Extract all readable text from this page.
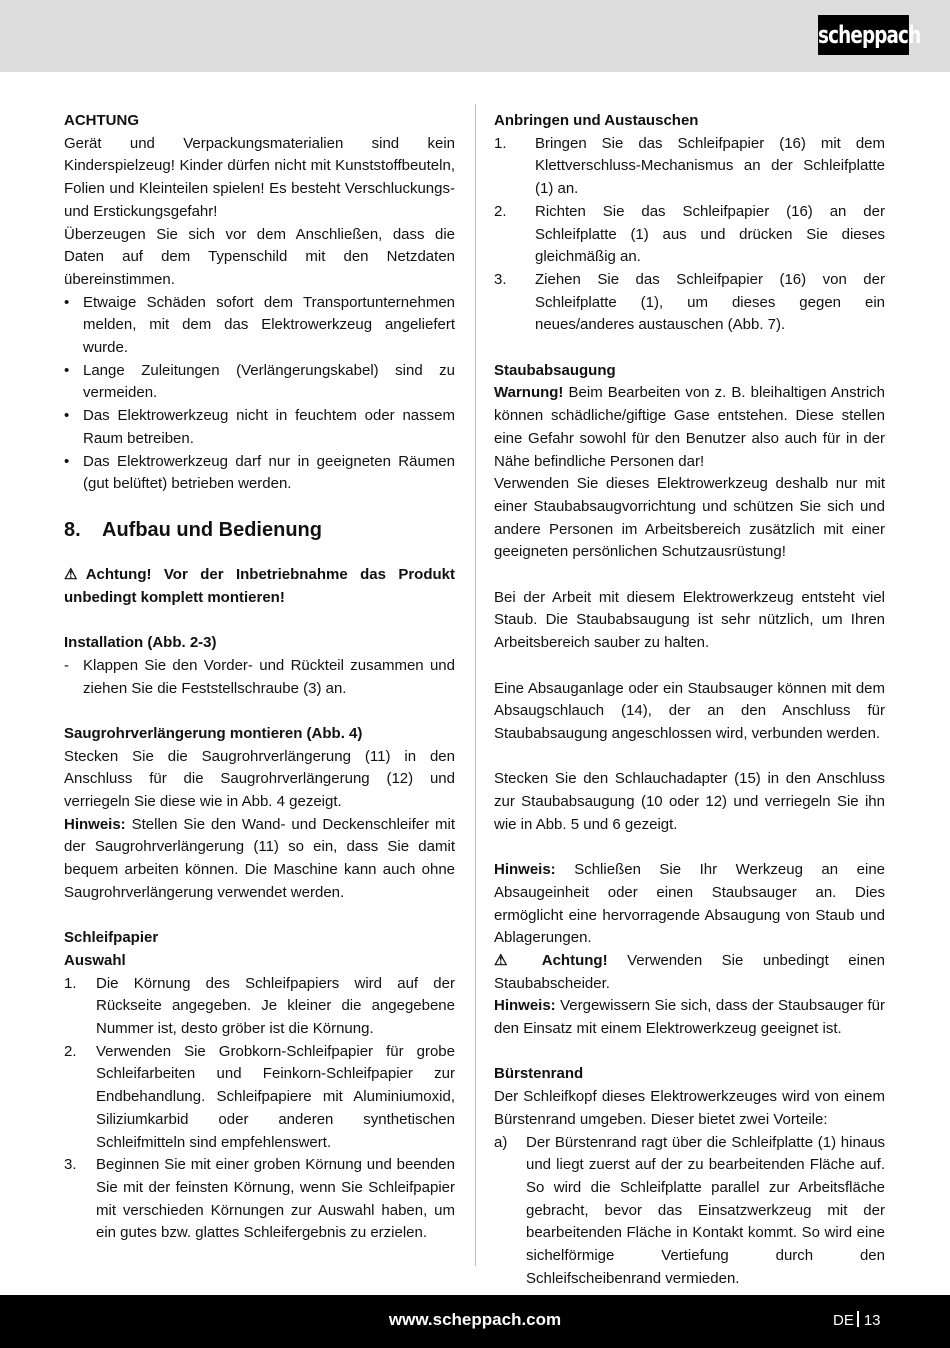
scheppach
ACHTUNG
Gerät und Verpackungsmaterialien sind kein Kinderspielzeug! Kinder dürfen nicht mit Kunststoffbeuteln, Folien und Kleinteilen spielen! Es besteht Verschluckungs- und Erstickungsgefahr!
Überzeugen Sie sich vor dem Anschließen, dass die Daten auf dem Typenschild mit den Netzdaten übereinstimmen.
• Etwaige Schäden sofort dem Transportunternehmen melden, mit dem das Elektrowerkzeug angeliefert wurde.
• Lange Zuleitungen (Verlängerungskabel) sind zu vermeiden.
• Das Elektrowerkzeug nicht in feuchtem oder nassem Raum betreiben.
• Das Elektrowerkzeug darf nur in geeigneten Räumen (gut belüftet) betrieben werden.
8. Aufbau und Bedienung
⚠Achtung! Vor der Inbetriebnahme das Produkt unbedingt komplett montieren!
Installation (Abb. 2-3)
- Klappen Sie den Vorder- und Rückteil zusammen und ziehen Sie die Feststellschraube (3) an.
Saugrohrverlängerung montieren (Abb. 4)
Stecken Sie die Saugrohrverlängerung (11) in den Anschluss für die Saugrohrverlängerung (12) und verriegeln Sie diese wie in Abb. 4 gezeigt.
Hinweis: Stellen Sie den Wand- und Deckenschleifer mit der Saugrohrverlängerung (11) so ein, dass Sie damit bequem arbeiten können. Die Maschine kann auch ohne Saugrohrverlängerung verwendet werden.
Schleifpapier
Auswahl
1. Die Körnung des Schleifpapiers wird auf der Rückseite angegeben. Je kleiner die angegebene Nummer ist, desto gröber ist die Körnung.
2. Verwenden Sie Grobkorn-Schleifpapier für grobe Schleifarbeiten und Feinkorn-Schleifpapier zur Endbehandlung. Schleifpapiere mit Aluminiumoxid, Siliziumkarbid oder anderen synthetischen Schleifmitteln sind empfehlenswert.
3. Beginnen Sie mit einer groben Körnung und beenden Sie mit der feinsten Körnung, wenn Sie Schleifpapier mit verschieden Körnungen zur Auswahl haben, um ein gutes bzw. glattes Schleifergebnis zu erzielen.
Anbringen und Austauschen
1. Bringen Sie das Schleifpapier (16) mit dem Klettverschluss-Mechanismus an der Schleifplatte (1) an.
2. Richten Sie das Schleifpapier (16) an der Schleifplatte (1) aus und drücken Sie dieses gleichmäßig an.
3. Ziehen Sie das Schleifpapier (16) von der Schleifplatte (1), um dieses gegen ein neues/anderes austauschen (Abb. 7).
Staubabsaugung
Warnung! Beim Bearbeiten von z. B. bleihaltigen Anstrich können schädliche/giftige Gase entstehen. Diese stellen eine Gefahr sowohl für den Benutzer also auch für in der Nähe befindliche Personen dar!
Verwenden Sie dieses Elektrowerkzeug deshalb nur mit einer Staubabsaugvorrichtung und schützen Sie sich und andere Personen im Arbeitsbereich zusätzlich mit einer geeigneten persönlichen Schutzausrüstung!
Bei der Arbeit mit diesem Elektrowerkzeug entsteht viel Staub. Die Staubabsaugung ist sehr nützlich, um Ihren Arbeitsbereich sauber zu halten.
Eine Absauganlage oder ein Staubsauger können mit dem Absaugschlauch (14), der an den Anschluss für Staubabsaugung angeschlossen wird, verbunden werden.
Stecken Sie den Schlauchadapter (15) in den Anschluss zur Staubabsaugung (10 oder 12) und verriegeln Sie ihn wie in Abb. 5 und 6 gezeigt.
Hinweis: Schließen Sie Ihr Werkzeug an eine Absaugeinheit oder einen Staubsauger an. Dies ermöglicht eine hervorragende Absaugung von Staub und Ablagerungen.
⚠ Achtung! Verwenden Sie unbedingt einen Staubabscheider.
Hinweis: Vergewissern Sie sich, dass der Staubsauger für den Einsatz mit einem Elektrowerkzeug geeignet ist.
Bürstenrand
Der Schleifkopf dieses Elektrowerkzeuges wird von einem Bürstenrand umgeben. Dieser bietet zwei Vorteile:
a) Der Bürstenrand ragt über die Schleifplatte (1) hinaus und liegt zuerst auf der zu bearbeitenden Fläche auf. So wird die Schleifplatte parallel zur Arbeitsfläche gebracht, bevor das Einsatzwerkzeug mit der bearbeitenden Fläche in Kontakt kommt. So wird eine sichelförmige Vertiefung durch den Schleifscheibenrand vermieden.
www.scheppach.com	DE 13
